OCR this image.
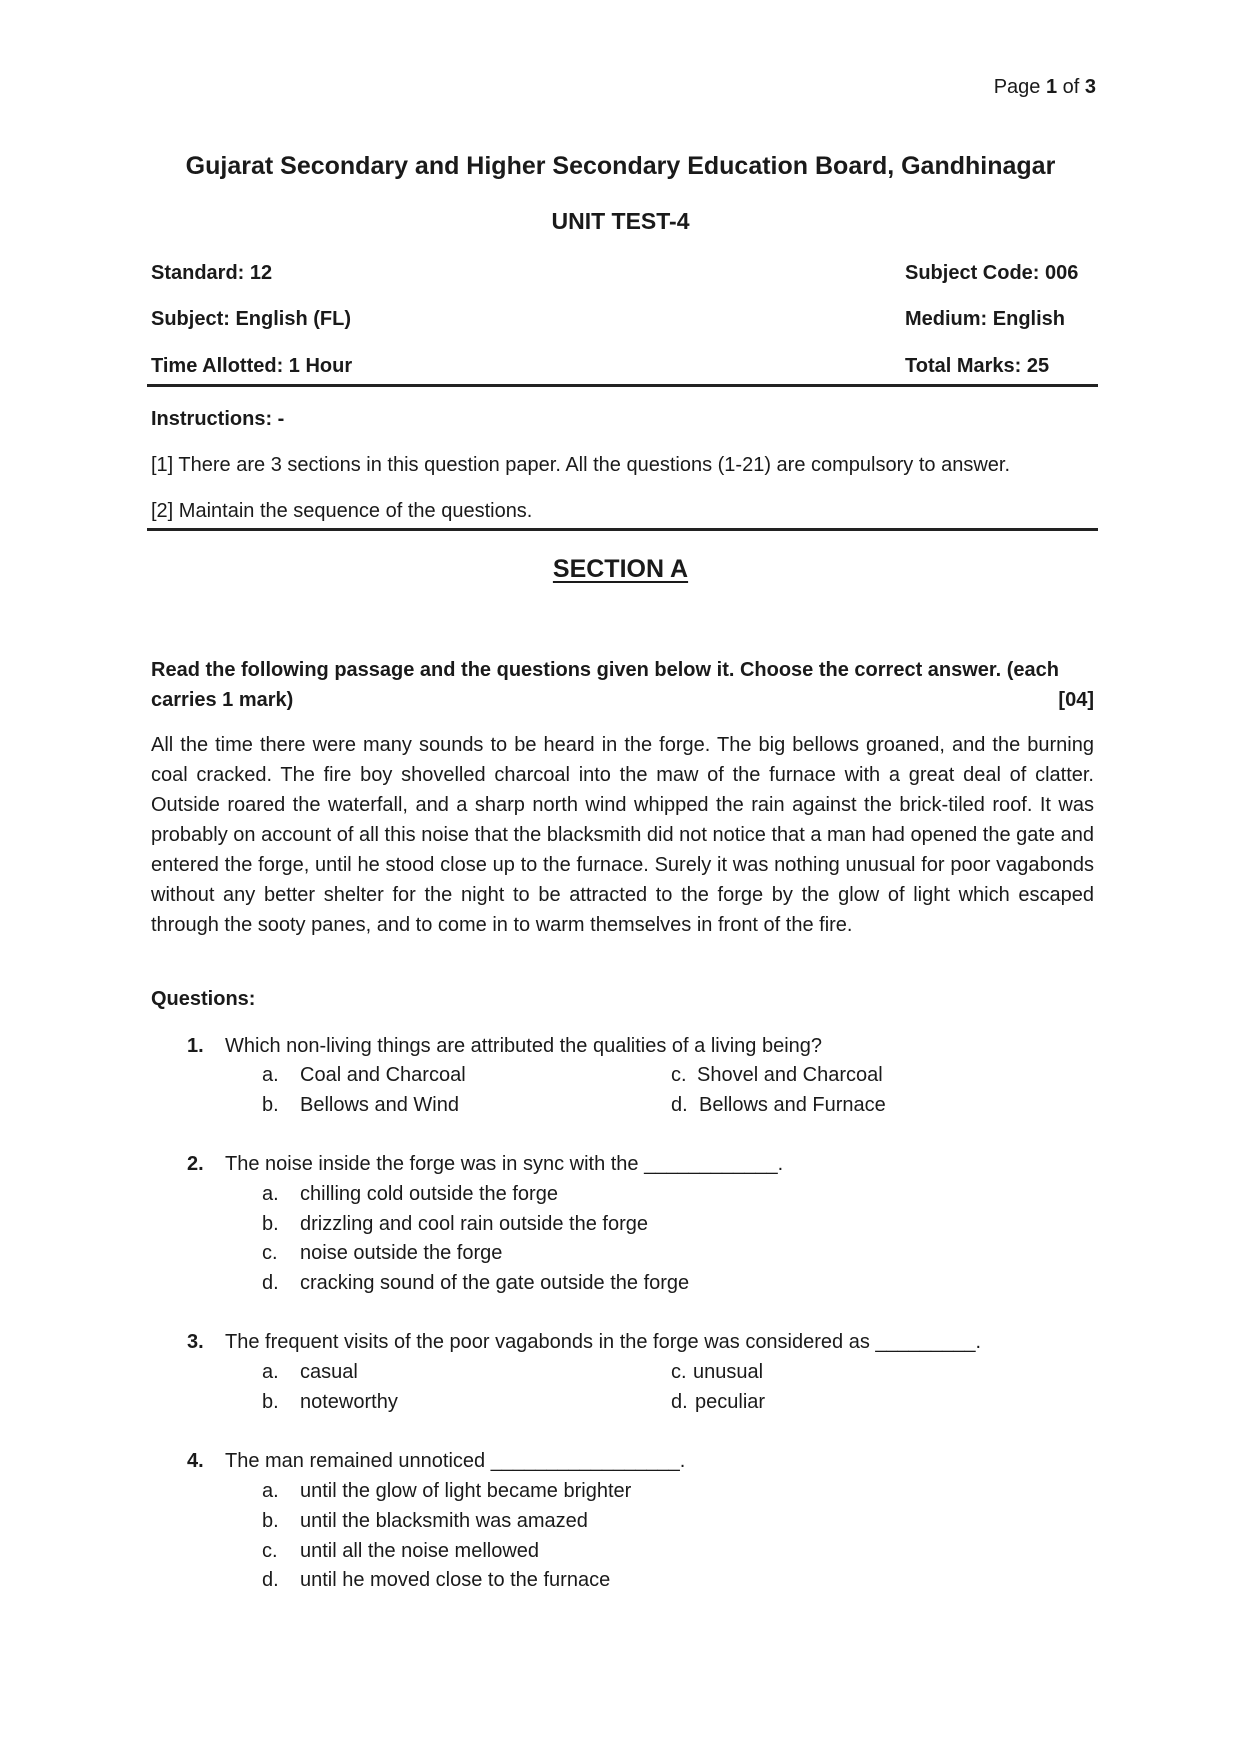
Page 1 of 3
Gujarat Secondary and Higher Secondary Education Board, Gandhinagar
UNIT TEST-4
Standard: 12	Subject Code: 006
Subject: English (FL)	Medium: English
Time Allotted: 1 Hour	Total Marks: 25
Instructions: -
[1] There are 3 sections in this question paper. All the questions (1-21) are compulsory to answer.
[2] Maintain the sequence of the questions.
SECTION A
Read the following passage and the questions given below it. Choose the correct answer. (each
carries 1 mark)	[04]
All the time there were many sounds to be heard in the forge. The big bellows groaned, and the burning coal cracked. The fire boy shovelled charcoal into the maw of the furnace with a great deal of clatter. Outside roared the waterfall, and a sharp north wind whipped the rain against the brick-tiled roof. It was probably on account of all this noise that the blacksmith did not notice that a man had opened the gate and entered the forge, until he stood close up to the furnace. Surely it was nothing unusual for poor vagabonds without any better shelter for the night to be attracted to the forge by the glow of light which escaped through the sooty panes, and to come in to warm themselves in front of the fire.
Questions:
1.	Which non-living things are attributed the qualities of a living being?
a.	Coal and Charcoal
b.	Bellows and Wind
c. Shovel and Charcoal
d. Bellows and Furnace
2.	The noise inside the forge was in sync with the ____________.
a.	chilling cold outside the forge
b.	drizzling and cool rain outside the forge
c.	noise outside the forge
d.	cracking sound of the gate outside the forge
3.	The frequent visits of the poor vagabonds in the forge was considered as _________.
a.	casual
b.	noteworthy
c. unusual
d. peculiar
4.	The man remained unnoticed _________________.
a.	until the glow of light became brighter
b.	until the blacksmith was amazed
c.	until all the noise mellowed
d.	until he moved close to the furnace
